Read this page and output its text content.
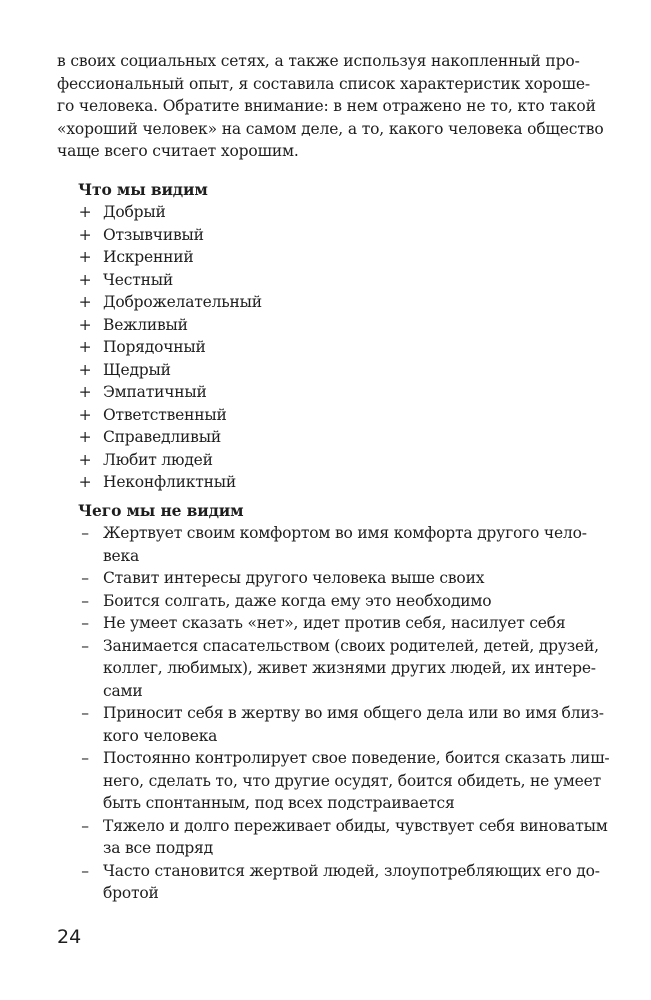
в своих социальных сетях, а также используя накопленный про-
фессиональный опыт, я составила список характеристик хороше-
го человека. Обратите внимание: в нем отражено не то, кто такой
«хороший человек» на самом деле, а то, какого человека общество
чаще всего считает хорошим.
Что мы видим
+ Добрый
+ Отзывчивый
+ Искренний
+ Честный
+ Доброжелательный
+ Вежливый
+ Порядочный
+ Щедрый
+ Эмпатичный
+ Ответственный
+ Справедливый
+ Любит людей
+ Неконфликтный
Чего мы не видим
– Жертвует своим комфортом во имя комфорта другого чело-
века
– Ставит интересы другого человека выше своих
– Боится солгать, даже когда ему это необходимо
– Не умеет сказать «нет», идет против себя, насилует себя
– Занимается спасательством (своих родителей, детей, друзей,
коллег, любимых), живет жизнями других людей, их интере-
сами
– Приносит себя в жертву во имя общего дела или во имя близ-
кого человека
– Постоянно контролирует свое поведение, боится сказать лиш-
него, сделать то, что другие осудят, боится обидеть, не умеет
быть спонтанным, под всех подстраивается
– Тяжело и долго переживает обиды, чувствует себя виноватым
за все подряд
– Часто становится жертвой людей, злоупотребляющих его до-
бротой
24
